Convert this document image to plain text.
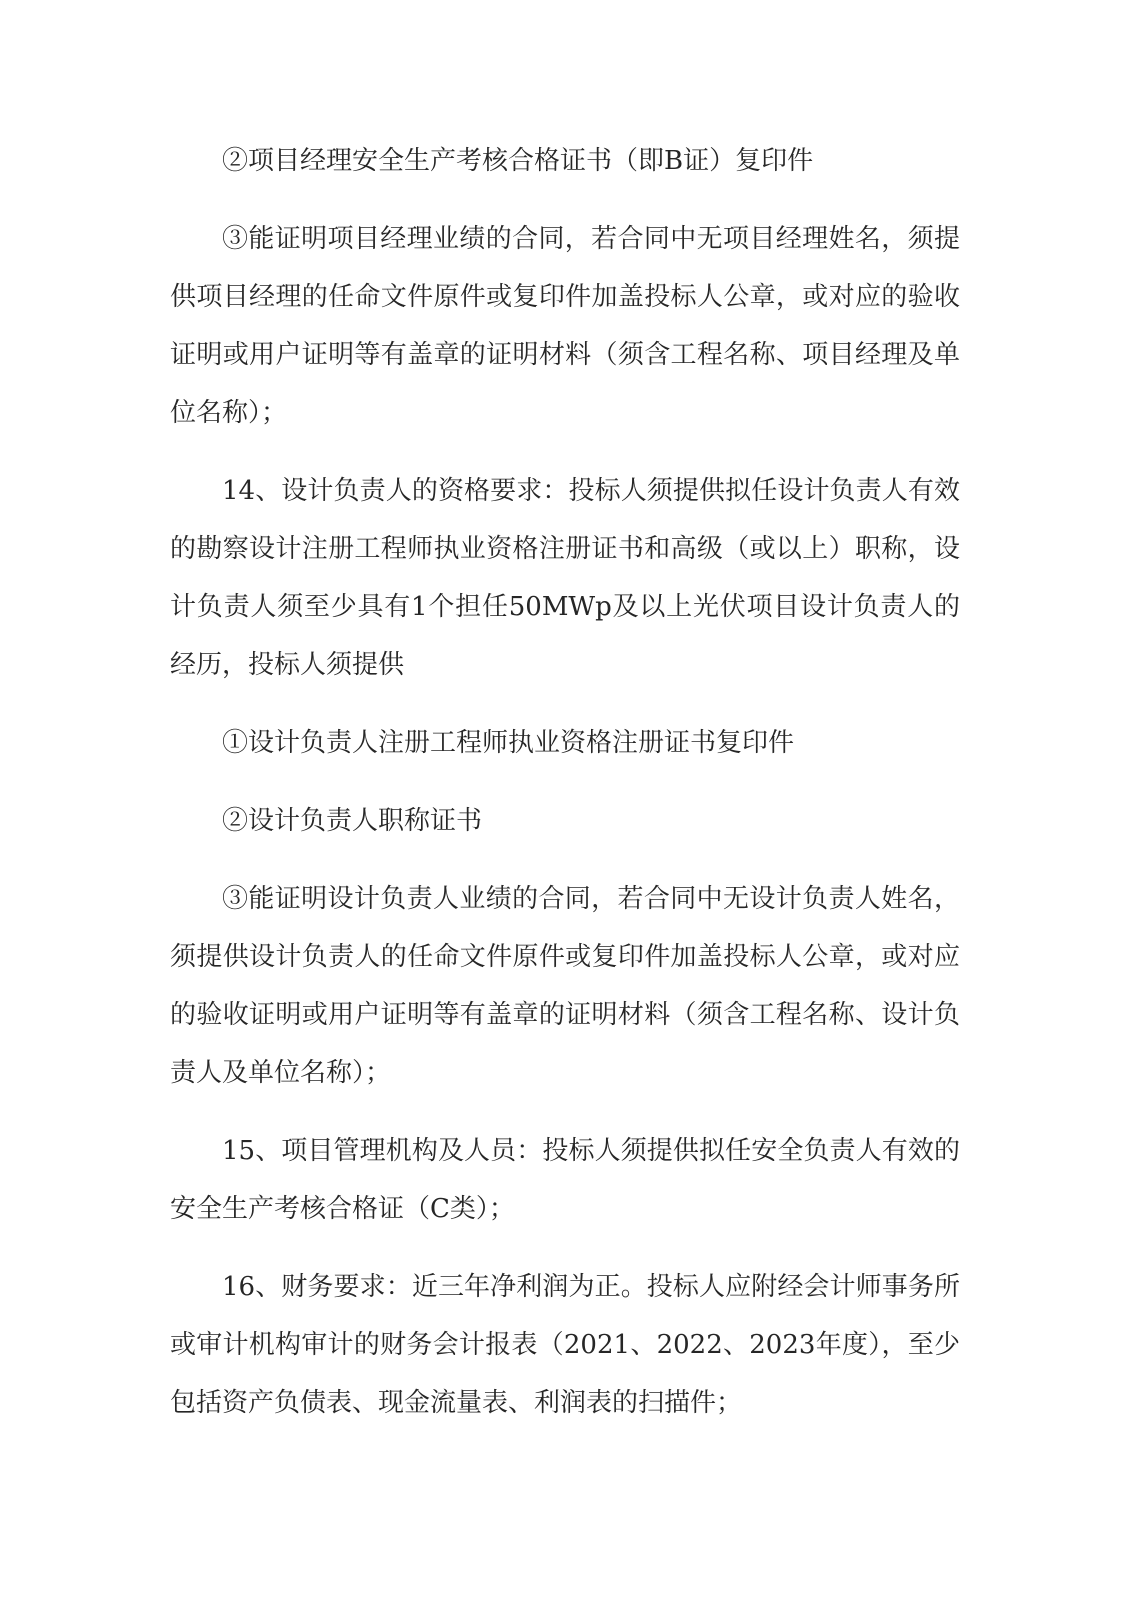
②项目经理安全生产考核合格证书（即B证）复印件

③能证明项目经理业绩的合同，若合同中无项目经理姓名，须提供项目经理的任命文件原件或复印件加盖投标人公章，或对应的验收证明或用户证明等有盖章的证明材料（须含工程名称、项目经理及单位名称）；

14、设计负责人的资格要求：投标人须提供拟任设计负责人有效的勘察设计注册工程师执业资格注册证书和高级（或以上）职称，设计负责人须至少具有1个担任50MWp及以上光伏项目设计负责人的经历，投标人须提供

①设计负责人注册工程师执业资格注册证书复印件

②设计负责人职称证书

③能证明设计负责人业绩的合同，若合同中无设计负责人姓名，须提供设计负责人的任命文件原件或复印件加盖投标人公章，或对应的验收证明或用户证明等有盖章的证明材料（须含工程名称、设计负责人及单位名称）；

15、项目管理机构及人员：投标人须提供拟任安全负责人有效的安全生产考核合格证（C类）；

16、财务要求：近三年净利润为正。投标人应附经会计师事务所或审计机构审计的财务会计报表（2021、2022、2023年度），至少包括资产负债表、现金流量表、利润表的扫描件；
